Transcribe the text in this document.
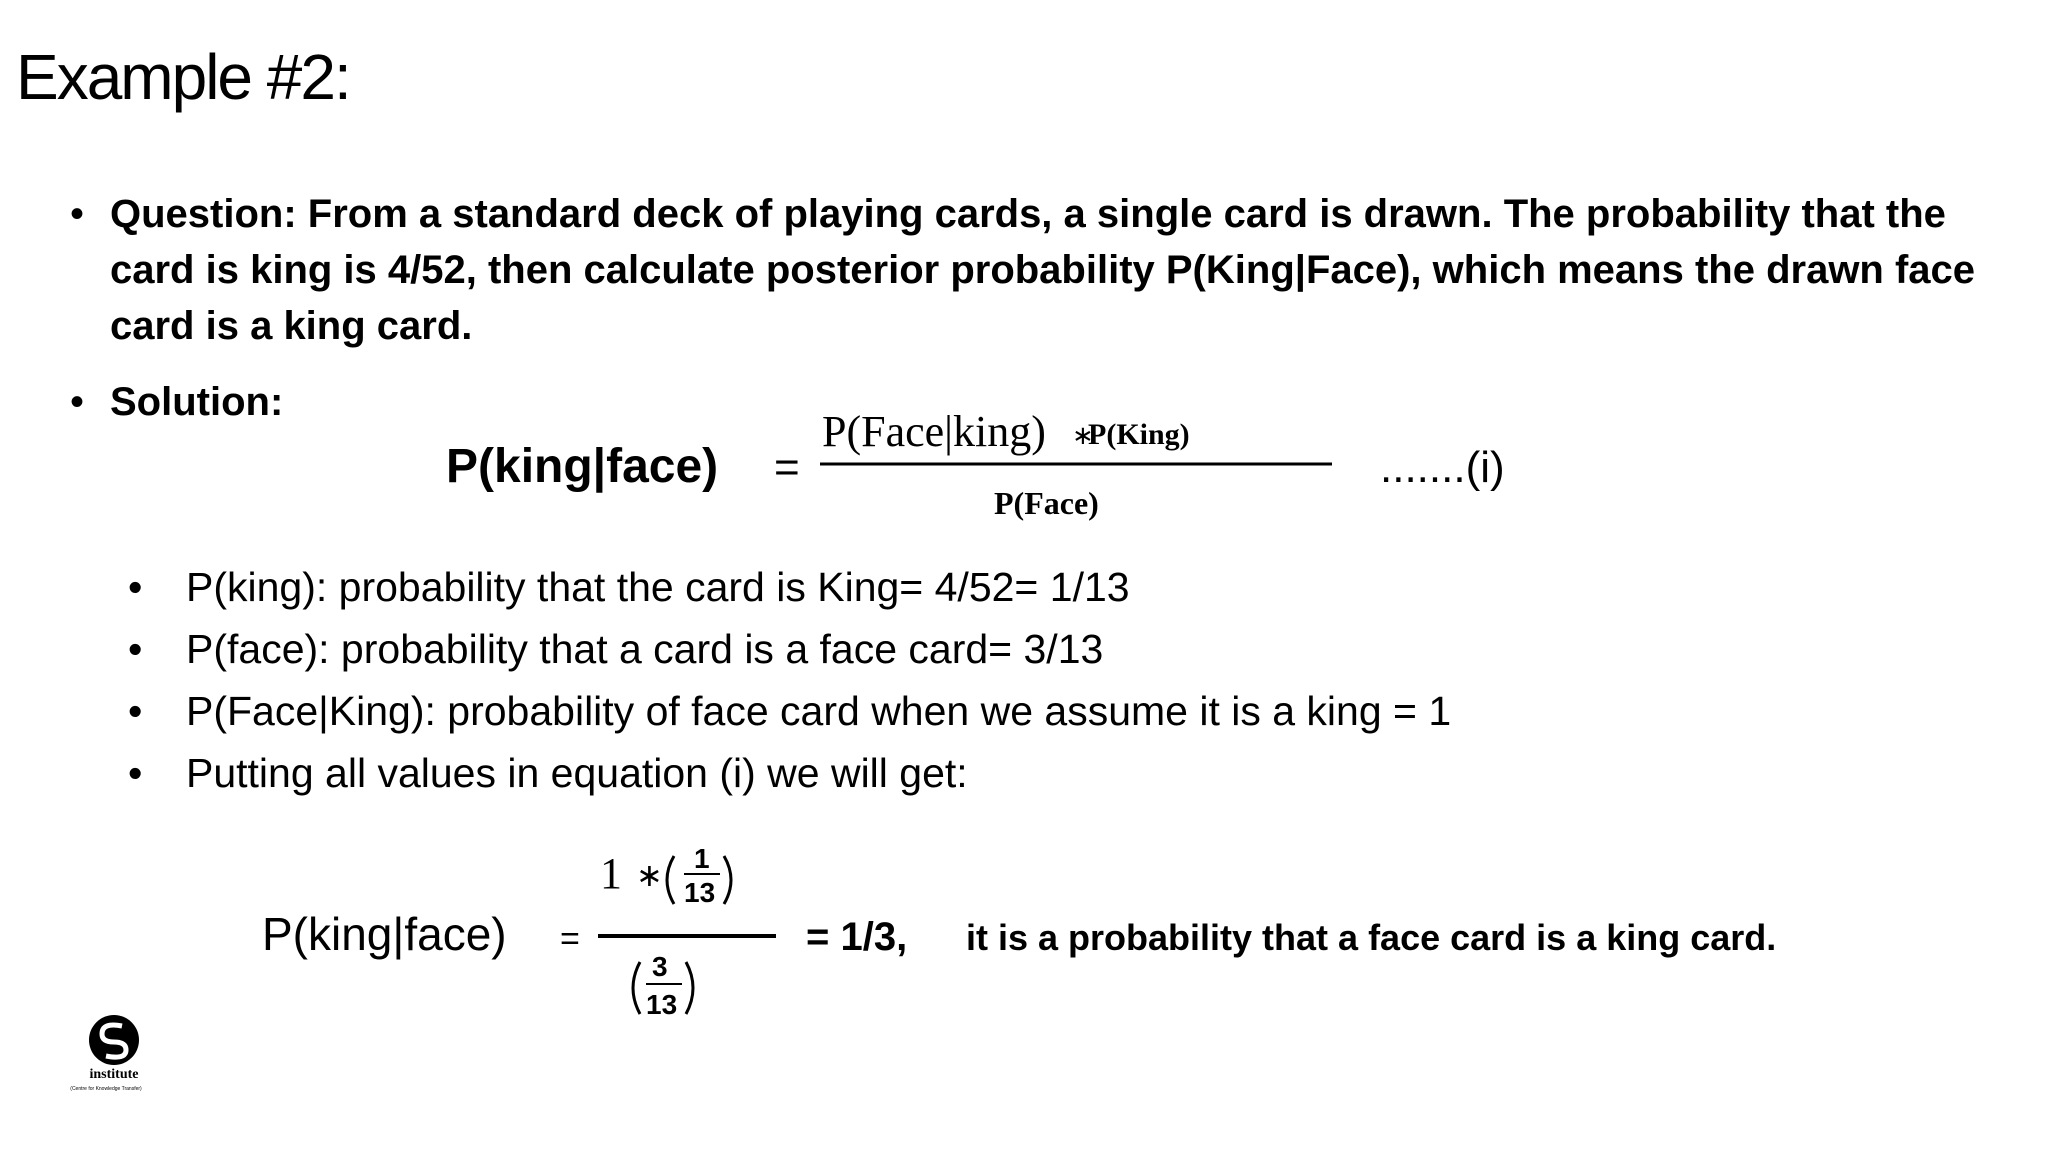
Example #2:
• Question: From a standard deck of playing cards, a single card is drawn. The probability that the card is king is 4/52, then calculate posterior probability P(King|Face), which means the drawn face card is a king card.
• Solution:
P(king|face) =
P(Face|king) ∗
P(King)
P(Face)
.......(i)
• P(king): probability that the card is King= 4/52= 1/13
• P(face): probability that a card is a face card= 3/13
• P(Face|King): probability of face card when we assume it is a king = 1
• Putting all values in equation (i) we will get:
P(king|face) =
1 ∗ 1
13
3
13
= 1/3, it is a probability that a face card is a king card.
institute
(Centre for Knowledge Transfer)
